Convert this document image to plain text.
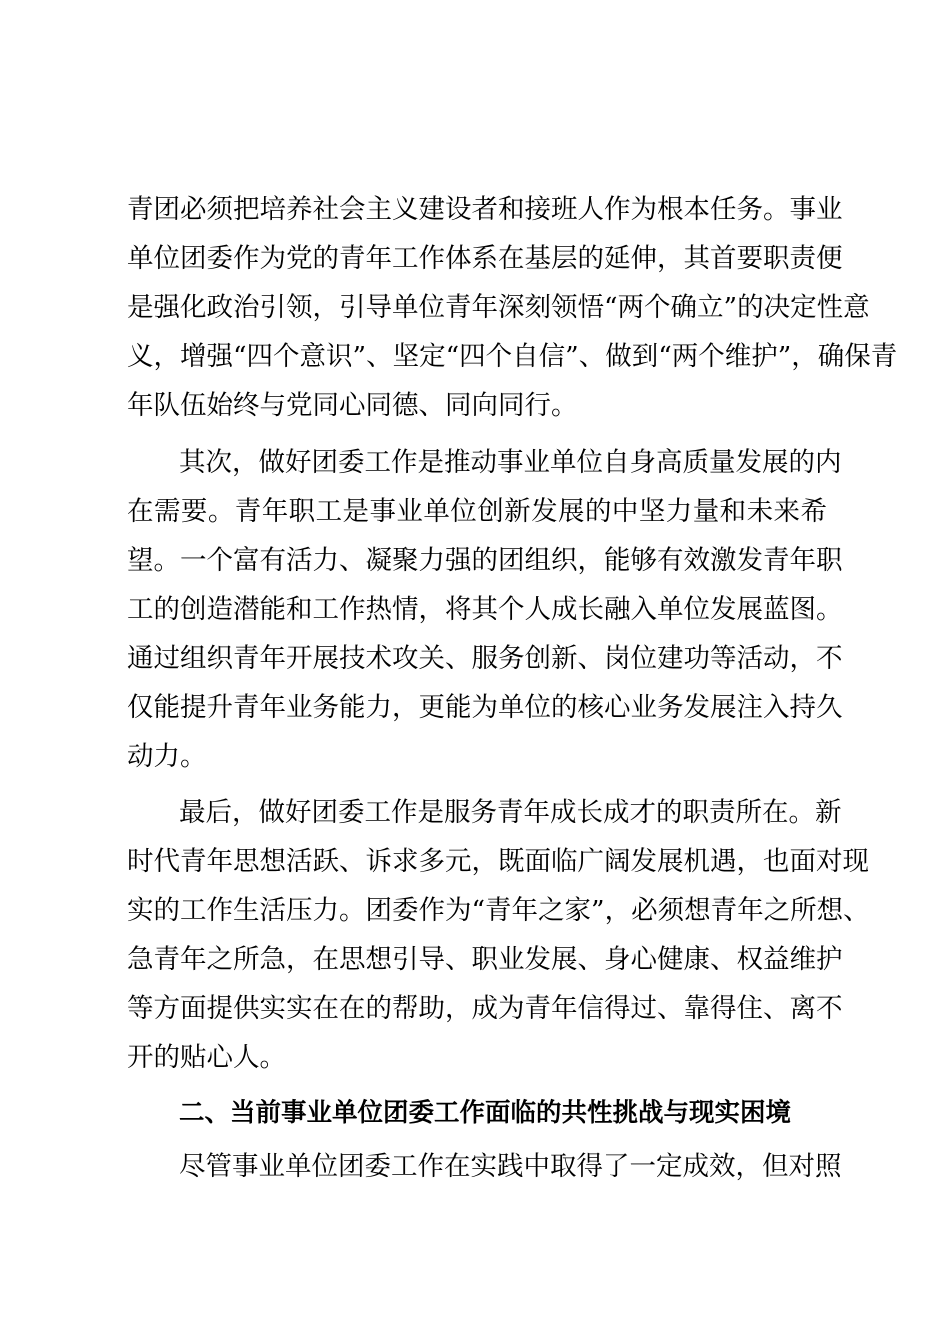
青团必须把培养社会主义建设者和接班人作为根本任务。事业
单位团委作为党的青年工作体系在基层的延伸，其首要职责便
是强化政治引领，引导单位青年深刻领悟“两个确立”的决定性意
义，增强“四个意识”、坚定“四个自信”、做到“两个维护”，确保青
年队伍始终与党同心同德、同向同行。
其次，做好团委工作是推动事业单位自身高质量发展的内
在需要。青年职工是事业单位创新发展的中坚力量和未来希
望。一个富有活力、凝聚力强的团组织，能够有效激发青年职
工的创造潜能和工作热情，将其个人成长融入单位发展蓝图。
通过组织青年开展技术攻关、服务创新、岗位建功等活动，不
仅能提升青年业务能力，更能为单位的核心业务发展注入持久
动力。
最后，做好团委工作是服务青年成长成才的职责所在。新
时代青年思想活跃、诉求多元，既面临广阔发展机遇，也面对现
实的工作生活压力。团委作为“青年之家”，必须想青年之所想、
急青年之所急，在思想引导、职业发展、身心健康、权益维护
等方面提供实实在在的帮助，成为青年信得过、靠得住、离不
开的贴心人。
二、当前事业单位团委工作面临的共性挑战与现实困境
尽管事业单位团委工作在实践中取得了一定成效，但对照
